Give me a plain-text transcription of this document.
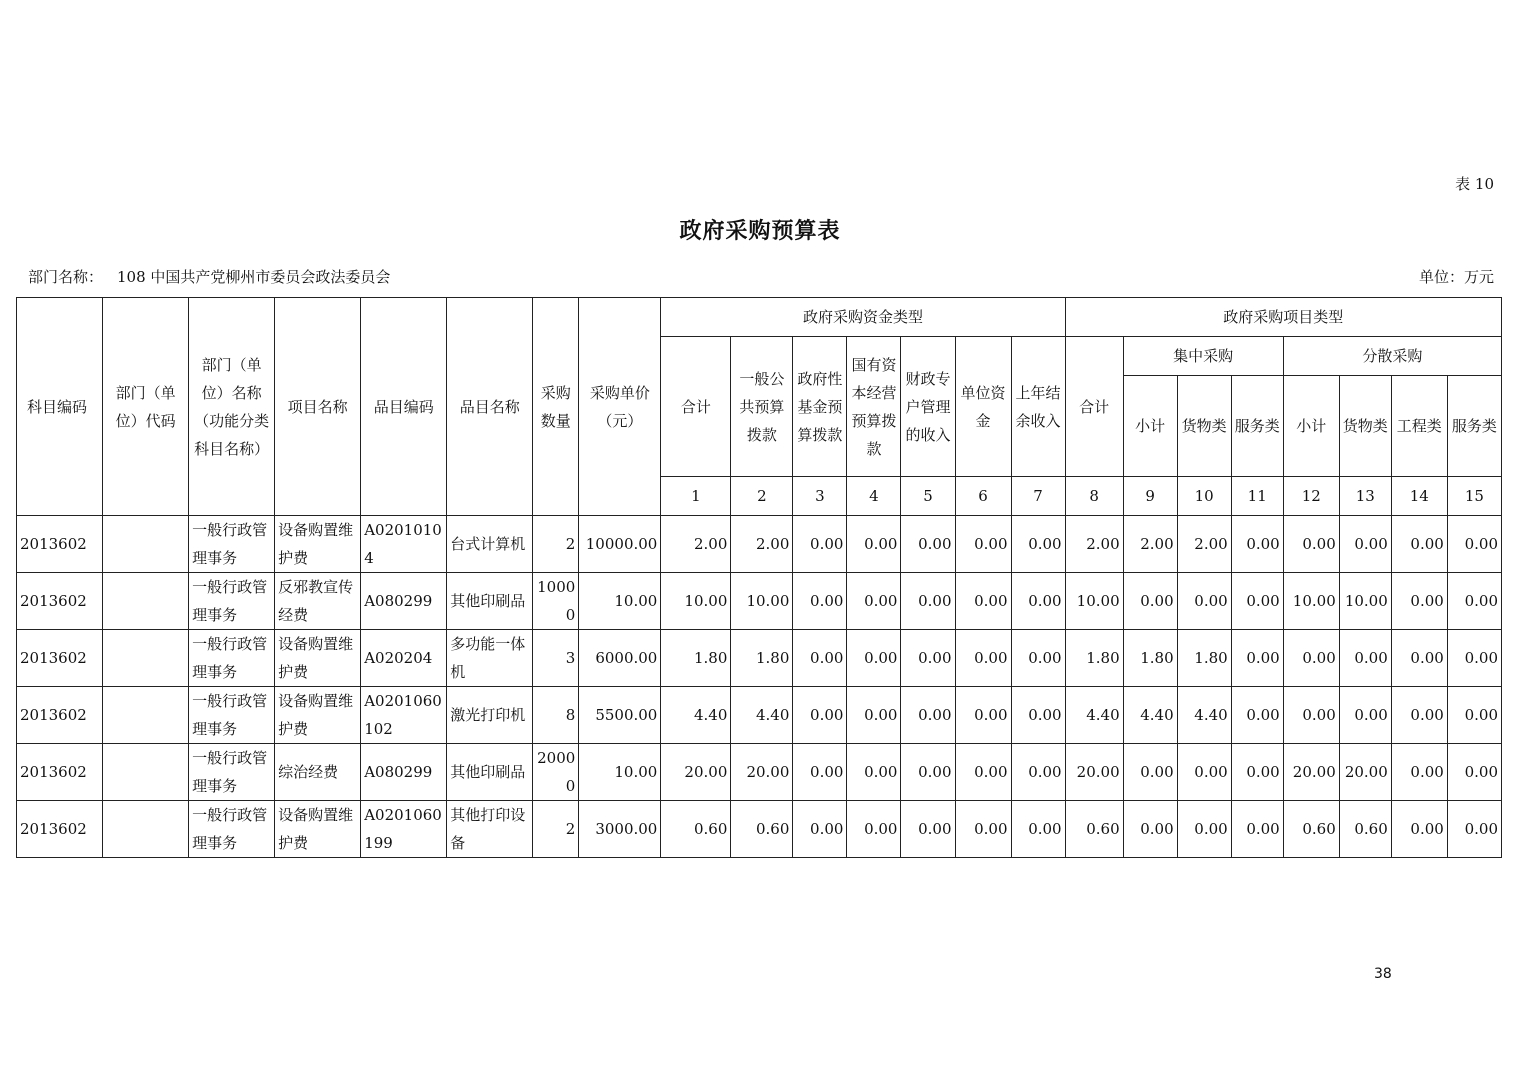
表 10
政府采购预算表
部门名称： 108 中国共产党柳州市委员会政法委员会	单位：万元
科目编码	部门（单位）代码	部门（单位）名称（功能分类科目名称）	项目名称	品目编码	品目名称	采购数量	采购单价（元）	政府采购资金类型							政府采购项目类型							
								合计	一般公共预算拨款	政府性基金预算拨款	国有资本经营预算拨款	财政专户管理的收入	单位资金	上年结余收入	合计	集中采购			分散采购			
																小计	货物类	服务类	小计	货物类	工程类	服务类
								1	2	3	4	5	6	7	8	9	10	11	12	13	14	15
2013602		一般行政管理事务	设备购置维护费	A02010104	台式计算机	2	10000.00	2.00	2.00	0.00	0.00	0.00	0.00	0.00	2.00	2.00	2.00	0.00	0.00	0.00	0.00	0.00
2013602		一般行政管理事务	反邪教宣传经费	A080299	其他印刷品	10000	10.00	10.00	10.00	0.00	0.00	0.00	0.00	0.00	10.00	0.00	0.00	0.00	10.00	10.00	0.00	0.00
2013602		一般行政管理事务	设备购置维护费	A020204	多功能一体机	3	6000.00	1.80	1.80	0.00	0.00	0.00	0.00	0.00	1.80	1.80	1.80	0.00	0.00	0.00	0.00	0.00
2013602		一般行政管理事务	设备购置维护费	A0201060102	激光打印机	8	5500.00	4.40	4.40	0.00	0.00	0.00	0.00	0.00	4.40	4.40	4.40	0.00	0.00	0.00	0.00	0.00
2013602		一般行政管理事务	综治经费	A080299	其他印刷品	20000	10.00	20.00	20.00	0.00	0.00	0.00	0.00	0.00	20.00	0.00	0.00	0.00	20.00	20.00	0.00	0.00
2013602		一般行政管理事务	设备购置维护费	A0201060199	其他打印设备	2	3000.00	0.60	0.60	0.00	0.00	0.00	0.00	0.00	0.60	0.00	0.00	0.00	0.60	0.60	0.00	0.00
38
